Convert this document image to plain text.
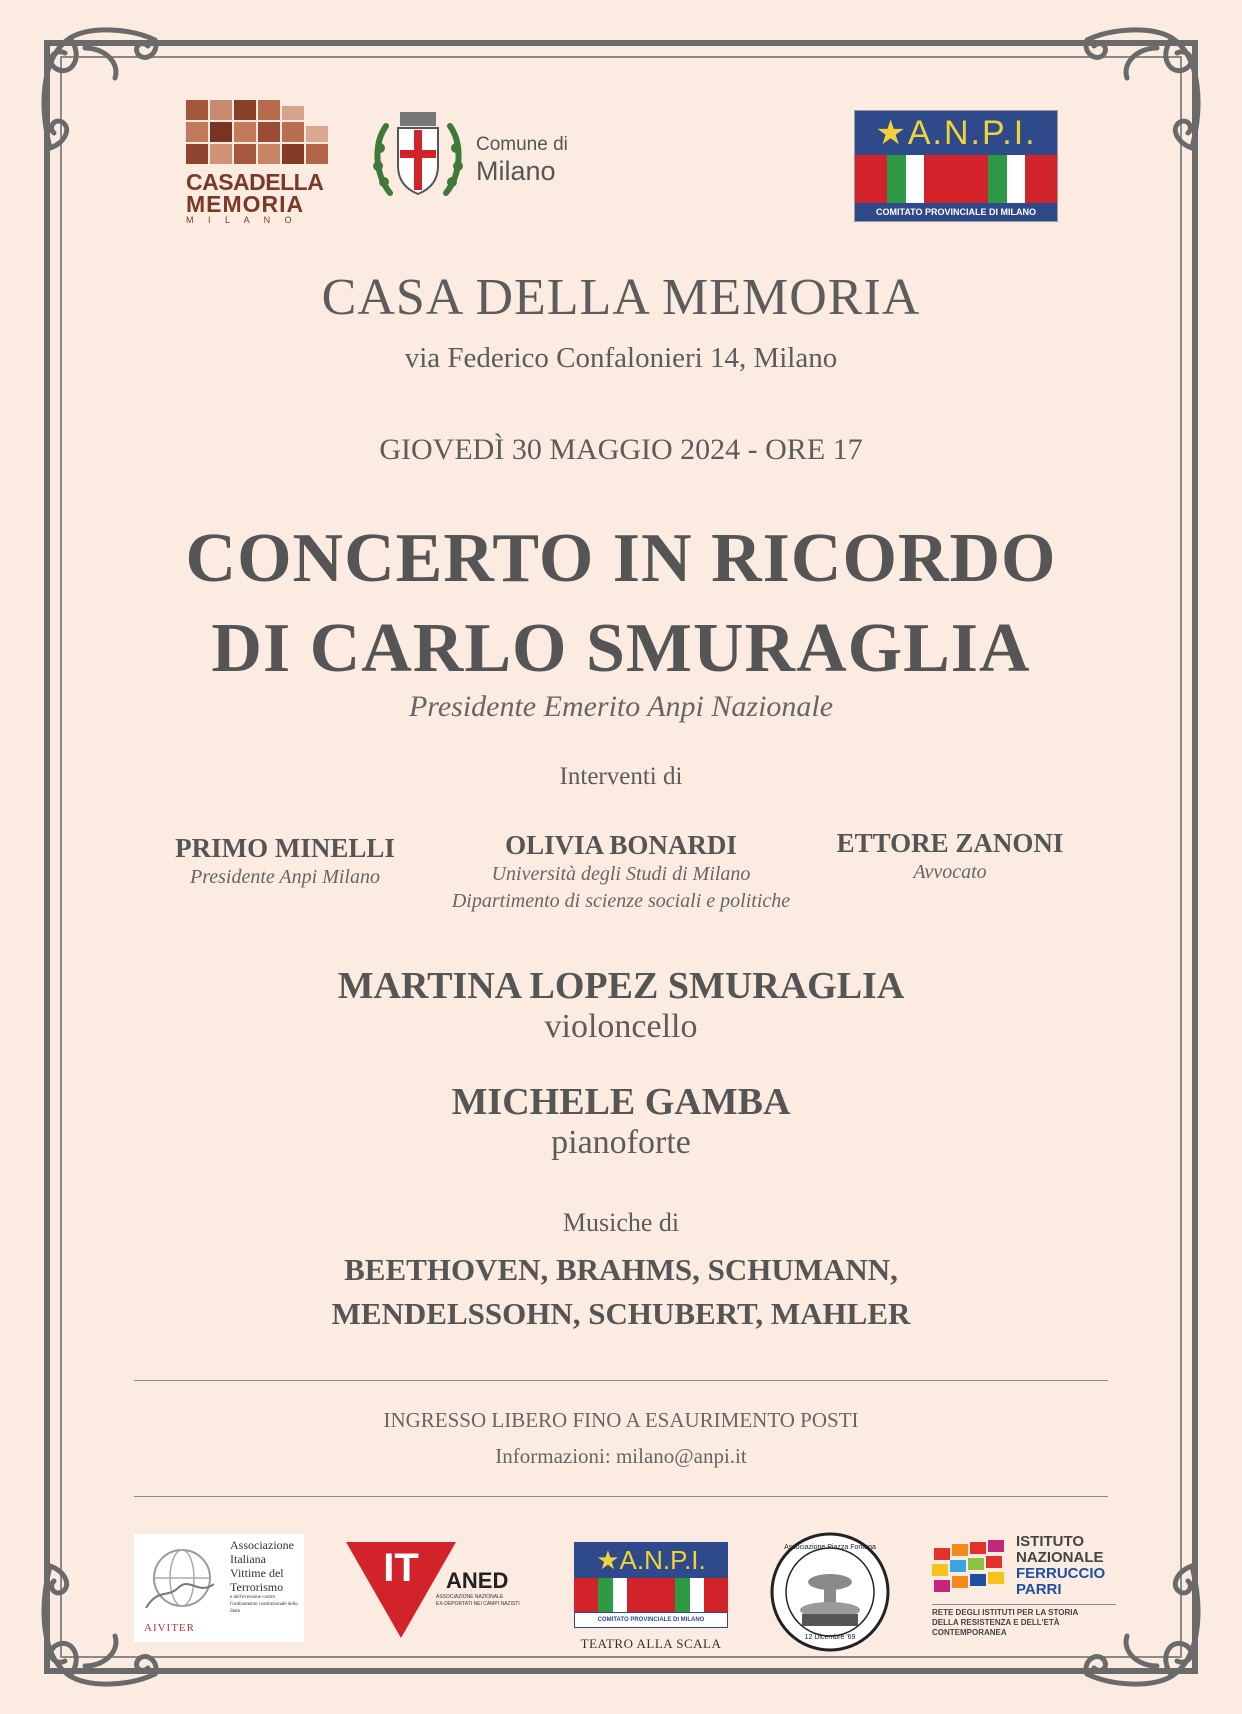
CASADELLA
MEMORIA
M I L A N O
Comune di
Milano
★A.N.P.I.
COMITATO PROVINCIALE DI MILANO
CASA DELLA MEMORIA
via Federico Confalonieri 14, Milano
GIOVEDÌ 30 MAGGIO 2024 - ORE 17
CONCERTO IN RICORDO
DI CARLO SMURAGLIA
Presidente Emerito Anpi Nazionale
Interventi di
PRIMO MINELLI
Presidente Anpi Milano
OLIVIA BONARDI
Università degli Studi di Milano
Dipartimento di scienze sociali e politiche
ETTORE ZANONI
Avvocato
MARTINA LOPEZ SMURAGLIA
violoncello
MICHELE GAMBA
pianoforte
Musiche di
BEETHOVEN, BRAHMS, SCHUMANN,
MENDELSSOHN, SCHUBERT, MAHLER
INGRESSO LIBERO FINO A ESAURIMENTO POSTI
Informazioni: milano@anpi.it
Associazione
Italiana
Vittime del
Terrorismo
e dell'eversione contro l'ordinamento costituzionale dello Stato
AIVITER
IT	ANED
ASSOCIAZIONE NAZIONALE
EX-DEPORTATI NEI CAMPI NAZISTI
★A.N.P.I.
COMITATO PROVINCIALE DI MILANO
TEATRO ALLA SCALA
Associazione Piazza Fontana
12 Dicembre '69
ISTITUTO
NAZIONALE
FERRUCCIO
PARRI
RETE DEGLI ISTITUTI PER LA STORIA
DELLA RESISTENZA E DELL'ETÀ
CONTEMPORANEA
